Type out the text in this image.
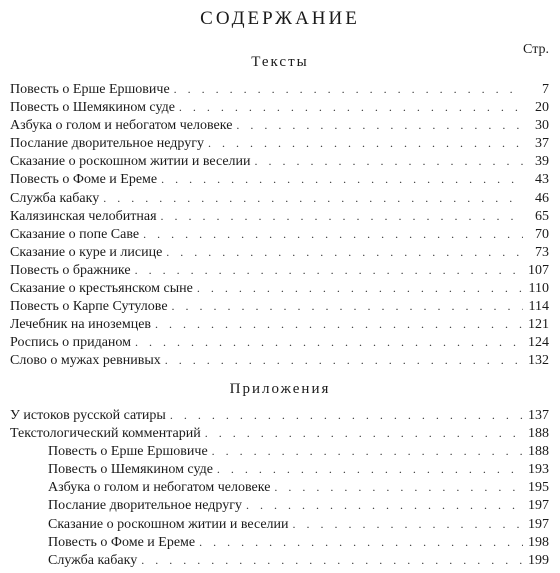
СОДЕРЖАНИЕ
Стр.
Тексты
Повесть о Ерше Ершовиче . . .	7
Повесть о Шемякином суде . . .	20
Азбука о голом и небогатом человеке . . .	30
Послание дворительное недругу . . .	37
Сказание о роскошном житии и веселии . . .	39
Повесть о Фоме и Ереме . . .	43
Служба кабаку . . .	46
Калязинская челобитная . . .	65
Сказание о попе Саве . . .	70
Сказание о куре и лисице . . .	73
Повесть о бражнике . . .	107
Сказание о крестьянском сыне . . .	110
Повесть о Карпе Сутулове . . .	114
Лечебник на иноземцев . . .	121
Роспись о приданом . . .	124
Слово о мужах ревнивых . . .	132
Приложения
У истоков русской сатиры . . .	137
Текстологический комментарий . . .	188
Повесть о Ерше Ершовиче . . .	188
Повесть о Шемякином суде . . .	193
Азбука о голом и небогатом человеке . . .	195
Послание дворительное недругу . . .	197
Сказание о роскошном житии и веселии . . .	197
Повесть о Фоме и Ереме . . .	198
Служба кабаку . . .	199
